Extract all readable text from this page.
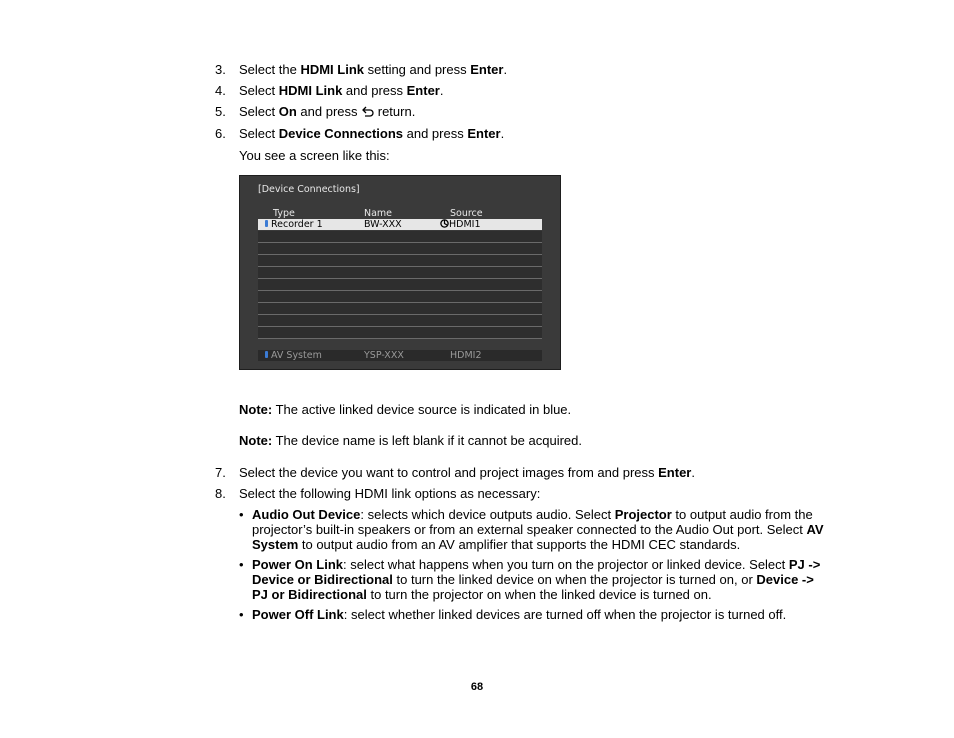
3. Select the HDMI Link setting and press Enter.
4. Select HDMI Link and press Enter.
5. Select On and press  return.
6. Select Device Connections and press Enter.
You see a screen like this:
[Device Connections]
Type	Name	Source
Recorder 1	BW-XXX	HDMI1
AV System	YSP-XXX	HDMI2
Note: The active linked device source is indicated in blue.
Note: The device name is left blank if it cannot be acquired.
7. Select the device you want to control and project images from and press Enter.
8. Select the following HDMI link options as necessary:
• Audio Out Device: selects which device outputs audio. Select Projector to output audio from the projector’s built-in speakers or from an external speaker connected to the Audio Out port. Select AV System to output audio from an AV amplifier that supports the HDMI CEC standards.
• Power On Link: select what happens when you turn on the projector or linked device. Select PJ -> Device or Bidirectional to turn the linked device on when the projector is turned on, or Device -> PJ or Bidirectional to turn the projector on when the linked device is turned on.
• Power Off Link: select whether linked devices are turned off when the projector is turned off.
68
